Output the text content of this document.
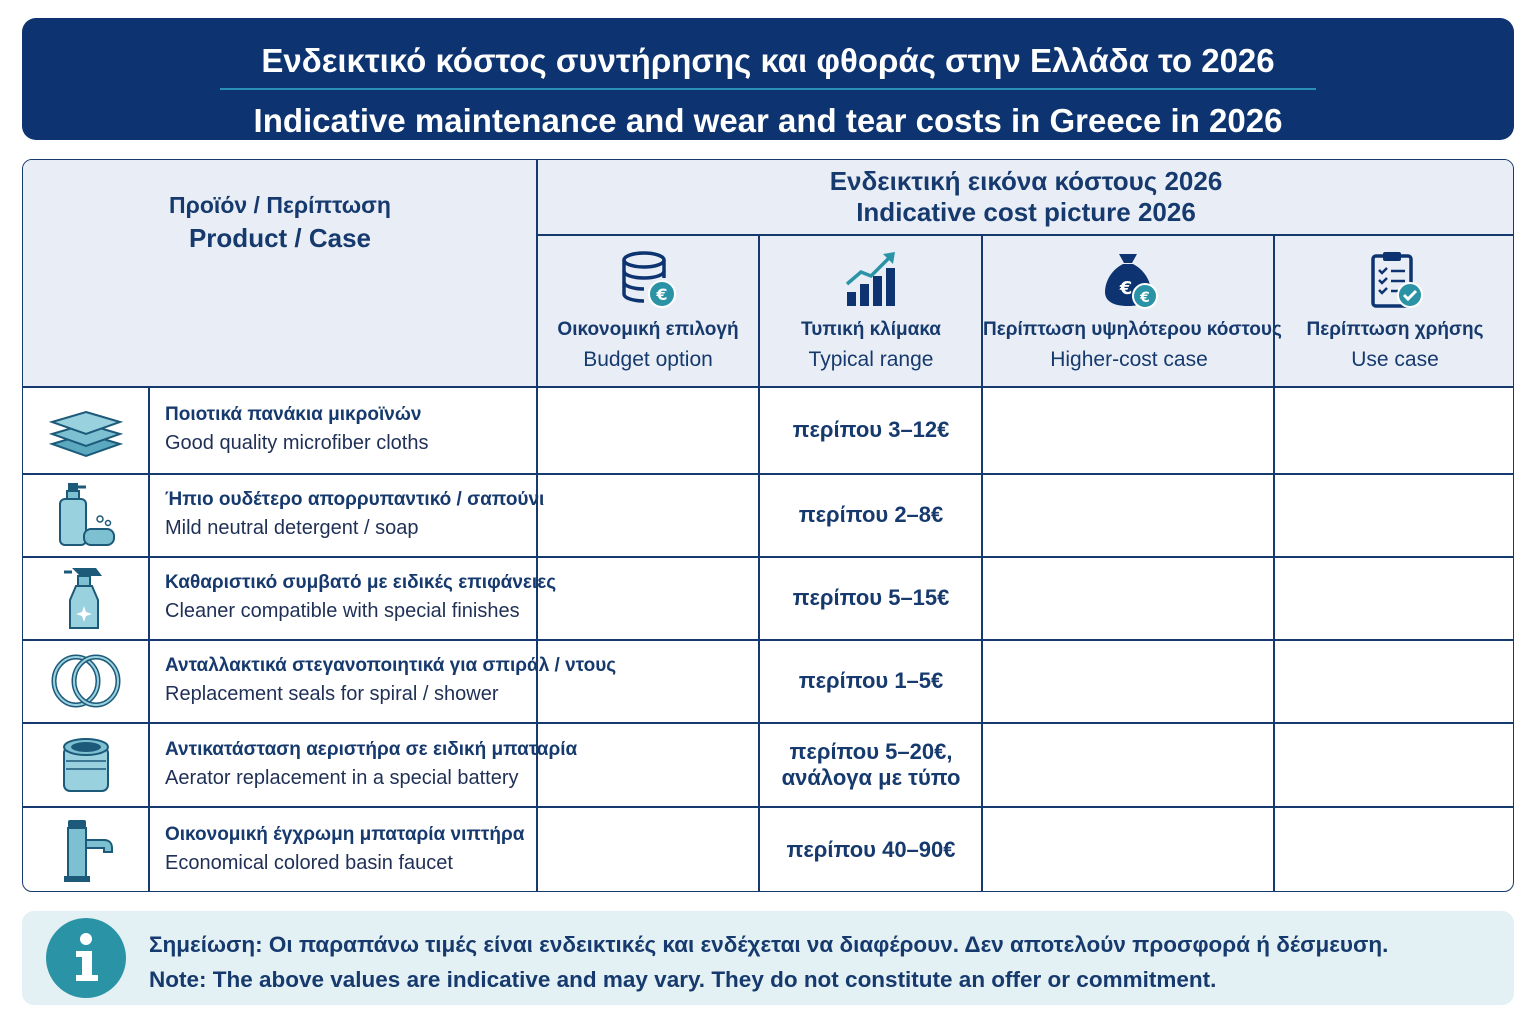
Ενδεικτικό κόστος συντήρησης και φθοράς στην Ελλάδα το 2026
Indicative maintenance and wear and tear costs in Greece in 2026
Προϊόν / Περίπτωση
Product / Case
Ενδεικτική εικόνα κόστους 2026
Indicative cost picture 2026
€
Οικονομική επιλογή
Budget option
Τυπική κλίμακα
Typical range
€ €
Περίπτωση υψηλότερου κόστους
Higher-cost case
Περίπτωση χρήσης
Use case
Ποιοτικά πανάκια μικροϊνών
Good quality microfiber cloths
περίπου 3–12€
Ήπιο ουδέτερο απορρυπαντικό / σαπούνι
Mild neutral detergent / soap
περίπου 2–8€
Καθαριστικό συμβατό με ειδικές επιφάνειες
Cleaner compatible with special finishes
περίπου 5–15€
Ανταλλακτικά στεγανοποιητικά για σπιράλ / ντους
Replacement seals for spiral / shower
περίπου 1–5€
Αντικατάσταση αεριστήρα σε ειδική μπαταρία
Aerator replacement in a special battery
περίπου 5–20€,
ανάλογα με τύπο
Οικονομική έγχρωμη μπαταρία νιπτήρα
Economical colored basin faucet
περίπου 40–90€
Σημείωση: Οι παραπάνω τιμές είναι ενδεικτικές και ενδέχεται να διαφέρουν. Δεν αποτελούν προσφορά ή δέσμευση.
Note: The above values are indicative and may vary. They do not constitute an offer or commitment.
